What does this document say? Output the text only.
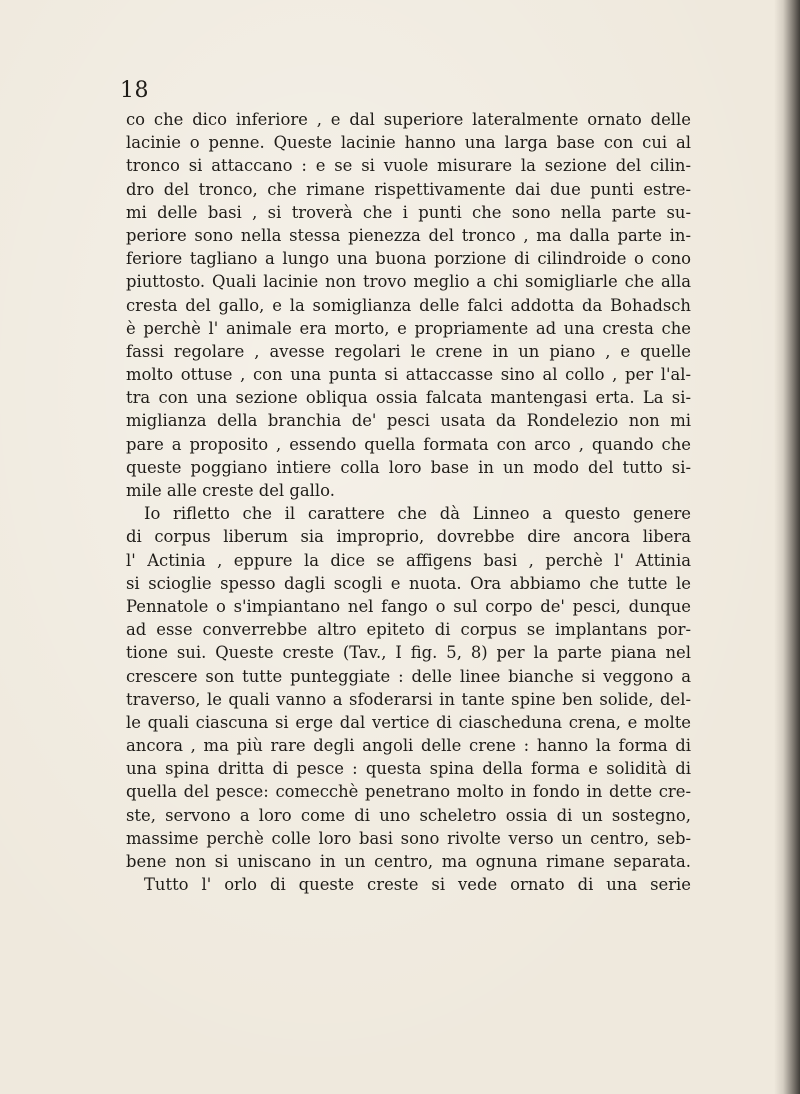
18
co che dico inferiore , e dal superiore lateralmente ornato delle
lacinie o penne. Queste lacinie hanno una larga base con cui al
tronco si attaccano : e se si vuole misurare la sezione del cilin-
dro del tronco, che rimane rispettivamente dai due punti estre-
mi delle basi , si troverà che i punti che sono nella parte su-
periore sono nella stessa pienezza del tronco , ma dalla parte in-
feriore tagliano a lungo una buona porzione di cilindroide o cono
piuttosto. Quali lacinie non trovo meglio a chi somigliarle che alla
cresta del gallo, e la somiglianza delle falci addotta da Bohadsch
è perchè l' animale era morto, e propriamente ad una cresta che
fassi regolare , avesse regolari le crene in un piano , e quelle
molto ottuse , con una punta si attaccasse sino al collo , per l'al-
tra con una sezione obliqua ossia falcata mantengasi erta. La si-
miglianza della branchia de' pesci usata da Rondelezio non mi
pare a proposito , essendo quella formata con arco , quando che
queste poggiano intiere colla loro base in un modo del tutto si-
mile alle creste del gallo.
Io rifletto che il carattere che dà Linneo a questo genere
di corpus liberum sia improprio, dovrebbe dire ancora libera
l' Actinia , eppure la dice se affigens basi , perchè l' Attinia
si scioglie spesso dagli scogli e nuota. Ora abbiamo che tutte le
Pennatole o s'impiantano nel fango o sul corpo de' pesci, dunque
ad esse converrebbe altro epiteto di corpus se implantans por-
tione sui. Queste creste (Tav., I fig. 5, 8) per la parte piana nel
crescere son tutte punteggiate : delle linee bianche si veggono a
traverso, le quali vanno a sfoderarsi in tante spine ben solide, del-
le quali ciascuna si erge dal vertice di ciascheduna crena, e molte
ancora , ma più rare degli angoli delle crene : hanno la forma di
una spina dritta di pesce : questa spina della forma e solidità di
quella del pesce: comecchè penetrano molto in fondo in dette cre-
ste, servono a loro come di uno scheletro ossia di un sostegno,
massime perchè colle loro basi sono rivolte verso un centro, seb-
bene non si uniscano in un centro, ma ognuna rimane separata.
Tutto l' orlo di queste creste si vede ornato di una serie
